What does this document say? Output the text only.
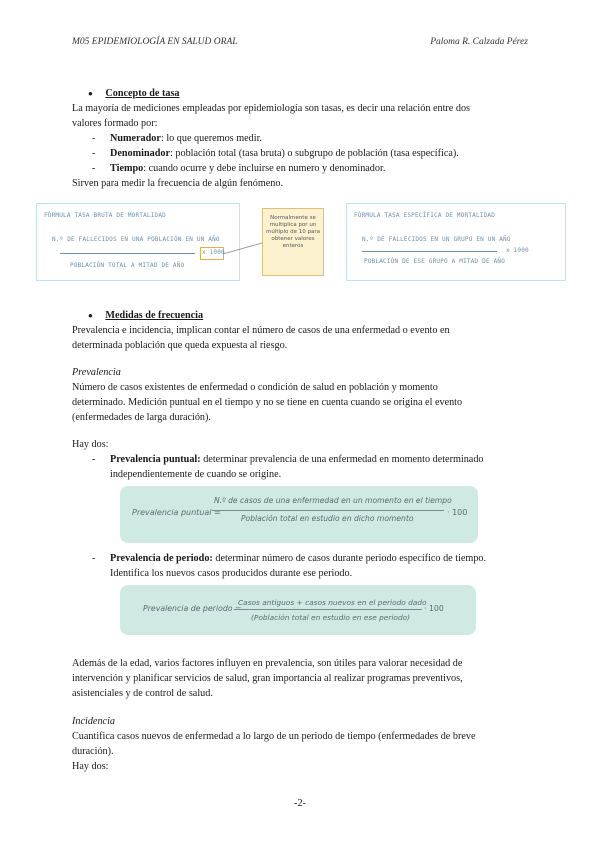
M05 EPIDEMIOLOGÍA EN SALUD ORAL	Paloma R. Calzada Pérez
● Concepto de tasa
La mayoría de mediciones empleadas por epidemiología son tasas, es decir una relación entre dos
valores formado por:
- Numerador: lo que queremos medir.
- Denominador: población total (tasa bruta) o subgrupo de población (tasa específica).
- Tiempo: cuando ocurre y debe incluirse en numero y denominador.
Sirven para medir la frecuencia de algún fenómeno.
FÓRMULA TASA BRUTA DE MORTALIDAD
N.º DE FALLECIDOS EN UNA POBLACIÓN EN UN AÑO
x 1000
POBLACIÓN TOTAL A MITAD DE AÑO
Normalmente se multiplica por un múltiplo de 10 para obtener valores enteros
FÓRMULA TASA ESPECÍFICA DE MORTALIDAD
N.º DE FALLECIDOS EN UN GRUPO EN UN AÑO
x 1000
POBLACIÓN DE ESE GRUPO A MITAD DE AÑO
● Medidas de frecuencia
Prevalencia e incidencia, implican contar el número de casos de una enfermedad o evento en
determinada población que queda expuesta al riesgo.
Prevalencia
Número de casos existentes de enfermedad o condición de salud en población y momento
determinado. Medición puntual en el tiempo y no se tiene en cuenta cuando se origina el evento
(enfermedades de larga duración).
Hay dos:
- Prevalencia puntual: determinar prevalencia de una enfermedad en momento determinado
independientemente de cuando se origine.
Prevalencia puntual =
N.º de casos de una enfermedad en un momento en el tiempo
Población total en estudio en dicho momento
· 100
- Prevalencia de periodo: determinar número de casos durante periodo específico de tiempo.
Identifica los nuevos casos producidos durante ese periodo.
Prevalencia de periodo =
Casos antiguos + casos nuevos en el periodo dado
(Población total en estudio en ese periodo)
· 100
Además de la edad, varios factores influyen en prevalencia, son útiles para valorar necesidad de
intervención y planificar servicios de salud, gran importancia al realizar programas preventivos,
asistenciales y de control de salud.
Incidencia
Cuantifica casos nuevos de enfermedad a lo largo de un periodo de tiempo (enfermedades de breve
duración).
Hay dos:
-2-
